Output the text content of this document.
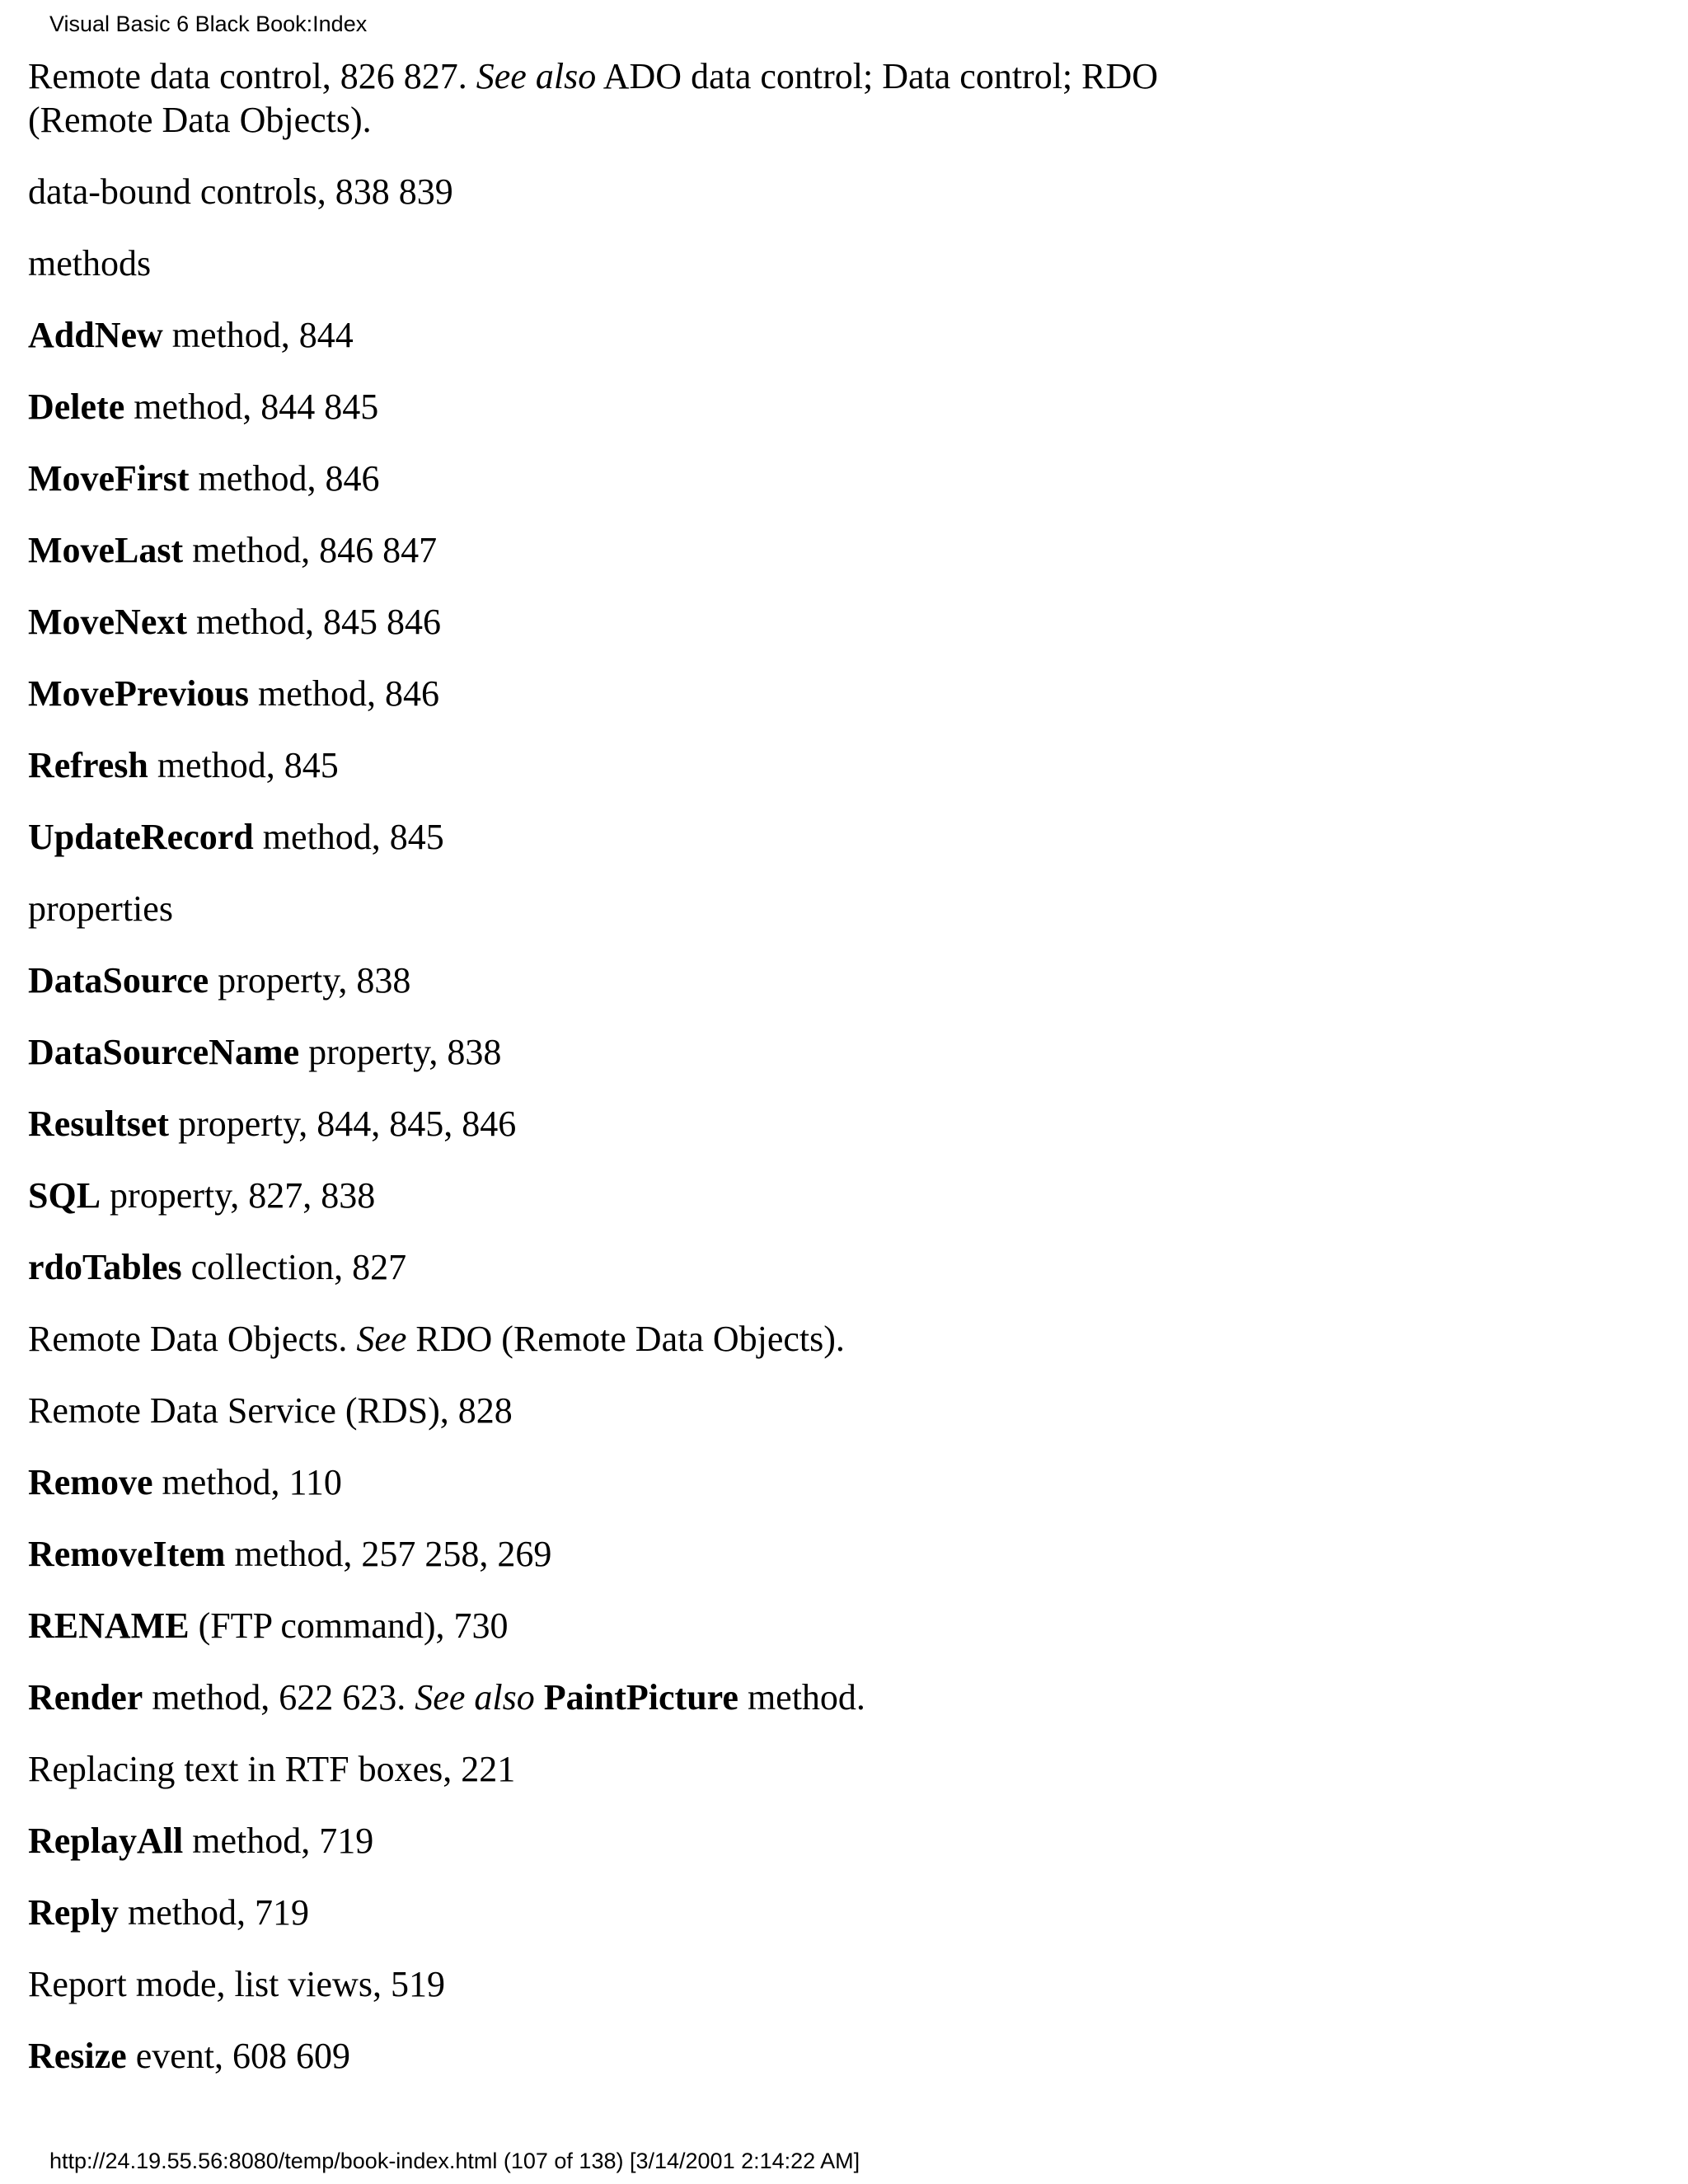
Visual Basic 6 Black Book:Index
Remote data control, 826 827. See also ADO data control; Data control; RDO (Remote Data Objects).
data-bound controls, 838 839
methods
AddNew method, 844
Delete method, 844 845
MoveFirst method, 846
MoveLast method, 846 847
MoveNext method, 845 846
MovePrevious method, 846
Refresh method, 845
UpdateRecord method, 845
properties
DataSource property, 838
DataSourceName property, 838
Resultset property, 844, 845, 846
SQL property, 827, 838
rdoTables collection, 827
Remote Data Objects. See RDO (Remote Data Objects).
Remote Data Service (RDS), 828
Remove method, 110
RemoveItem method, 257 258, 269
RENAME (FTP command), 730
Render method, 622 623. See also PaintPicture method.
Replacing text in RTF boxes, 221
ReplayAll method, 719
Reply method, 719
Report mode, list views, 519
Resize event, 608 609
http://24.19.55.56:8080/temp/book-index.html (107 of 138) [3/14/2001 2:14:22 AM]
